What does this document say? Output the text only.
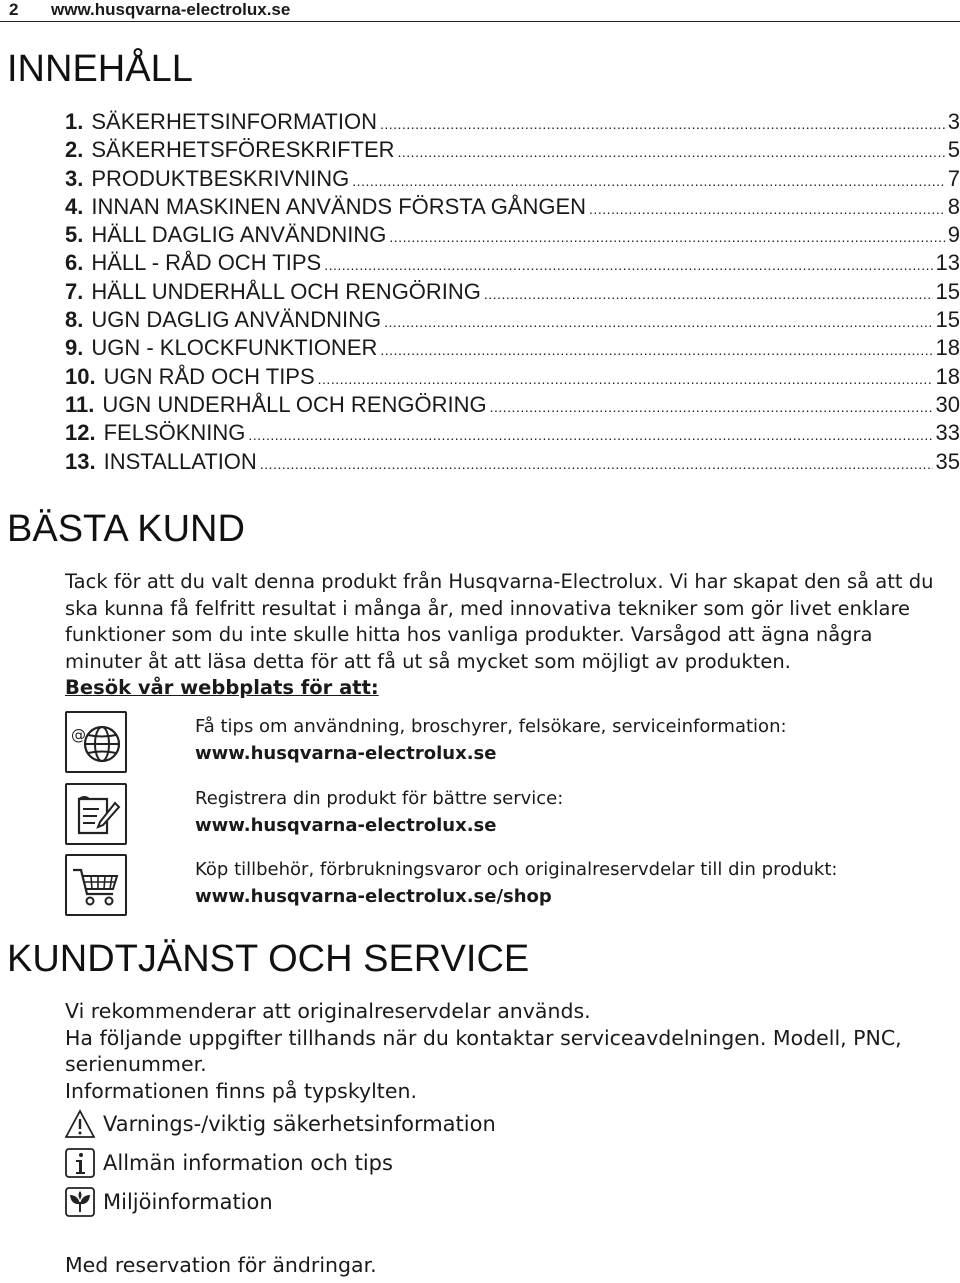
2 www.husqvarna-electrolux.se
INNEHÅLL
1. SÄKERHETSINFORMATION .....	3
2. SÄKERHETSFÖRESKRIFTER .....	5
3. PRODUKTBESKRIVNING .....	7
4. INNAN MASKINEN ANVÄNDS FÖRSTA GÅNGEN .....	8
5. HÄLL DAGLIG ANVÄNDNING .....	9
6. HÄLL - RÅD OCH TIPS .....	13
7. HÄLL UNDERHÅLL OCH RENGÖRING .....	15
8. UGN DAGLIG ANVÄNDNING .....	15
9. UGN - KLOCKFUNKTIONER .....	18
10. UGN RÅD OCH TIPS .....	18
11. UGN UNDERHÅLL OCH RENGÖRING .....	30
12. FELSÖKNING .....	33
13. INSTALLATION .....	35
BÄSTA KUND

Tack för att du valt denna produkt från Husqvarna-Electrolux. Vi har skapat den så att du ska kunna få felfritt resultat i många år, med innovativa tekniker som gör livet enklare funktioner som du inte skulle hitta hos vanliga produkter. Varsågod att ägna några minuter åt att läsa detta för att få ut så mycket som möjligt av produkten.

Besök vår webbplats för att:

@	Få tips om användning, broschyrer, felsökare, serviceinformation:
www.husqvarna-electrolux.se
Registrera din produkt för bättre service:
www.husqvarna-electrolux.se
Köp tillbehör, förbrukningsvaror och originalreservdelar till din produkt:
www.husqvarna-electrolux.se/shop
KUNDTJÄNST OCH SERVICE

Vi rekommenderar att originalreservdelar används.

Ha följande uppgifter tillhands när du kontaktar serviceavdelningen. Modell, PNC, serienummer.

Informationen finns på typskylten.

Varnings-/viktig säkerhetsinformation
Allmän information och tips
Miljöinformation
Med reservation för ändringar.
